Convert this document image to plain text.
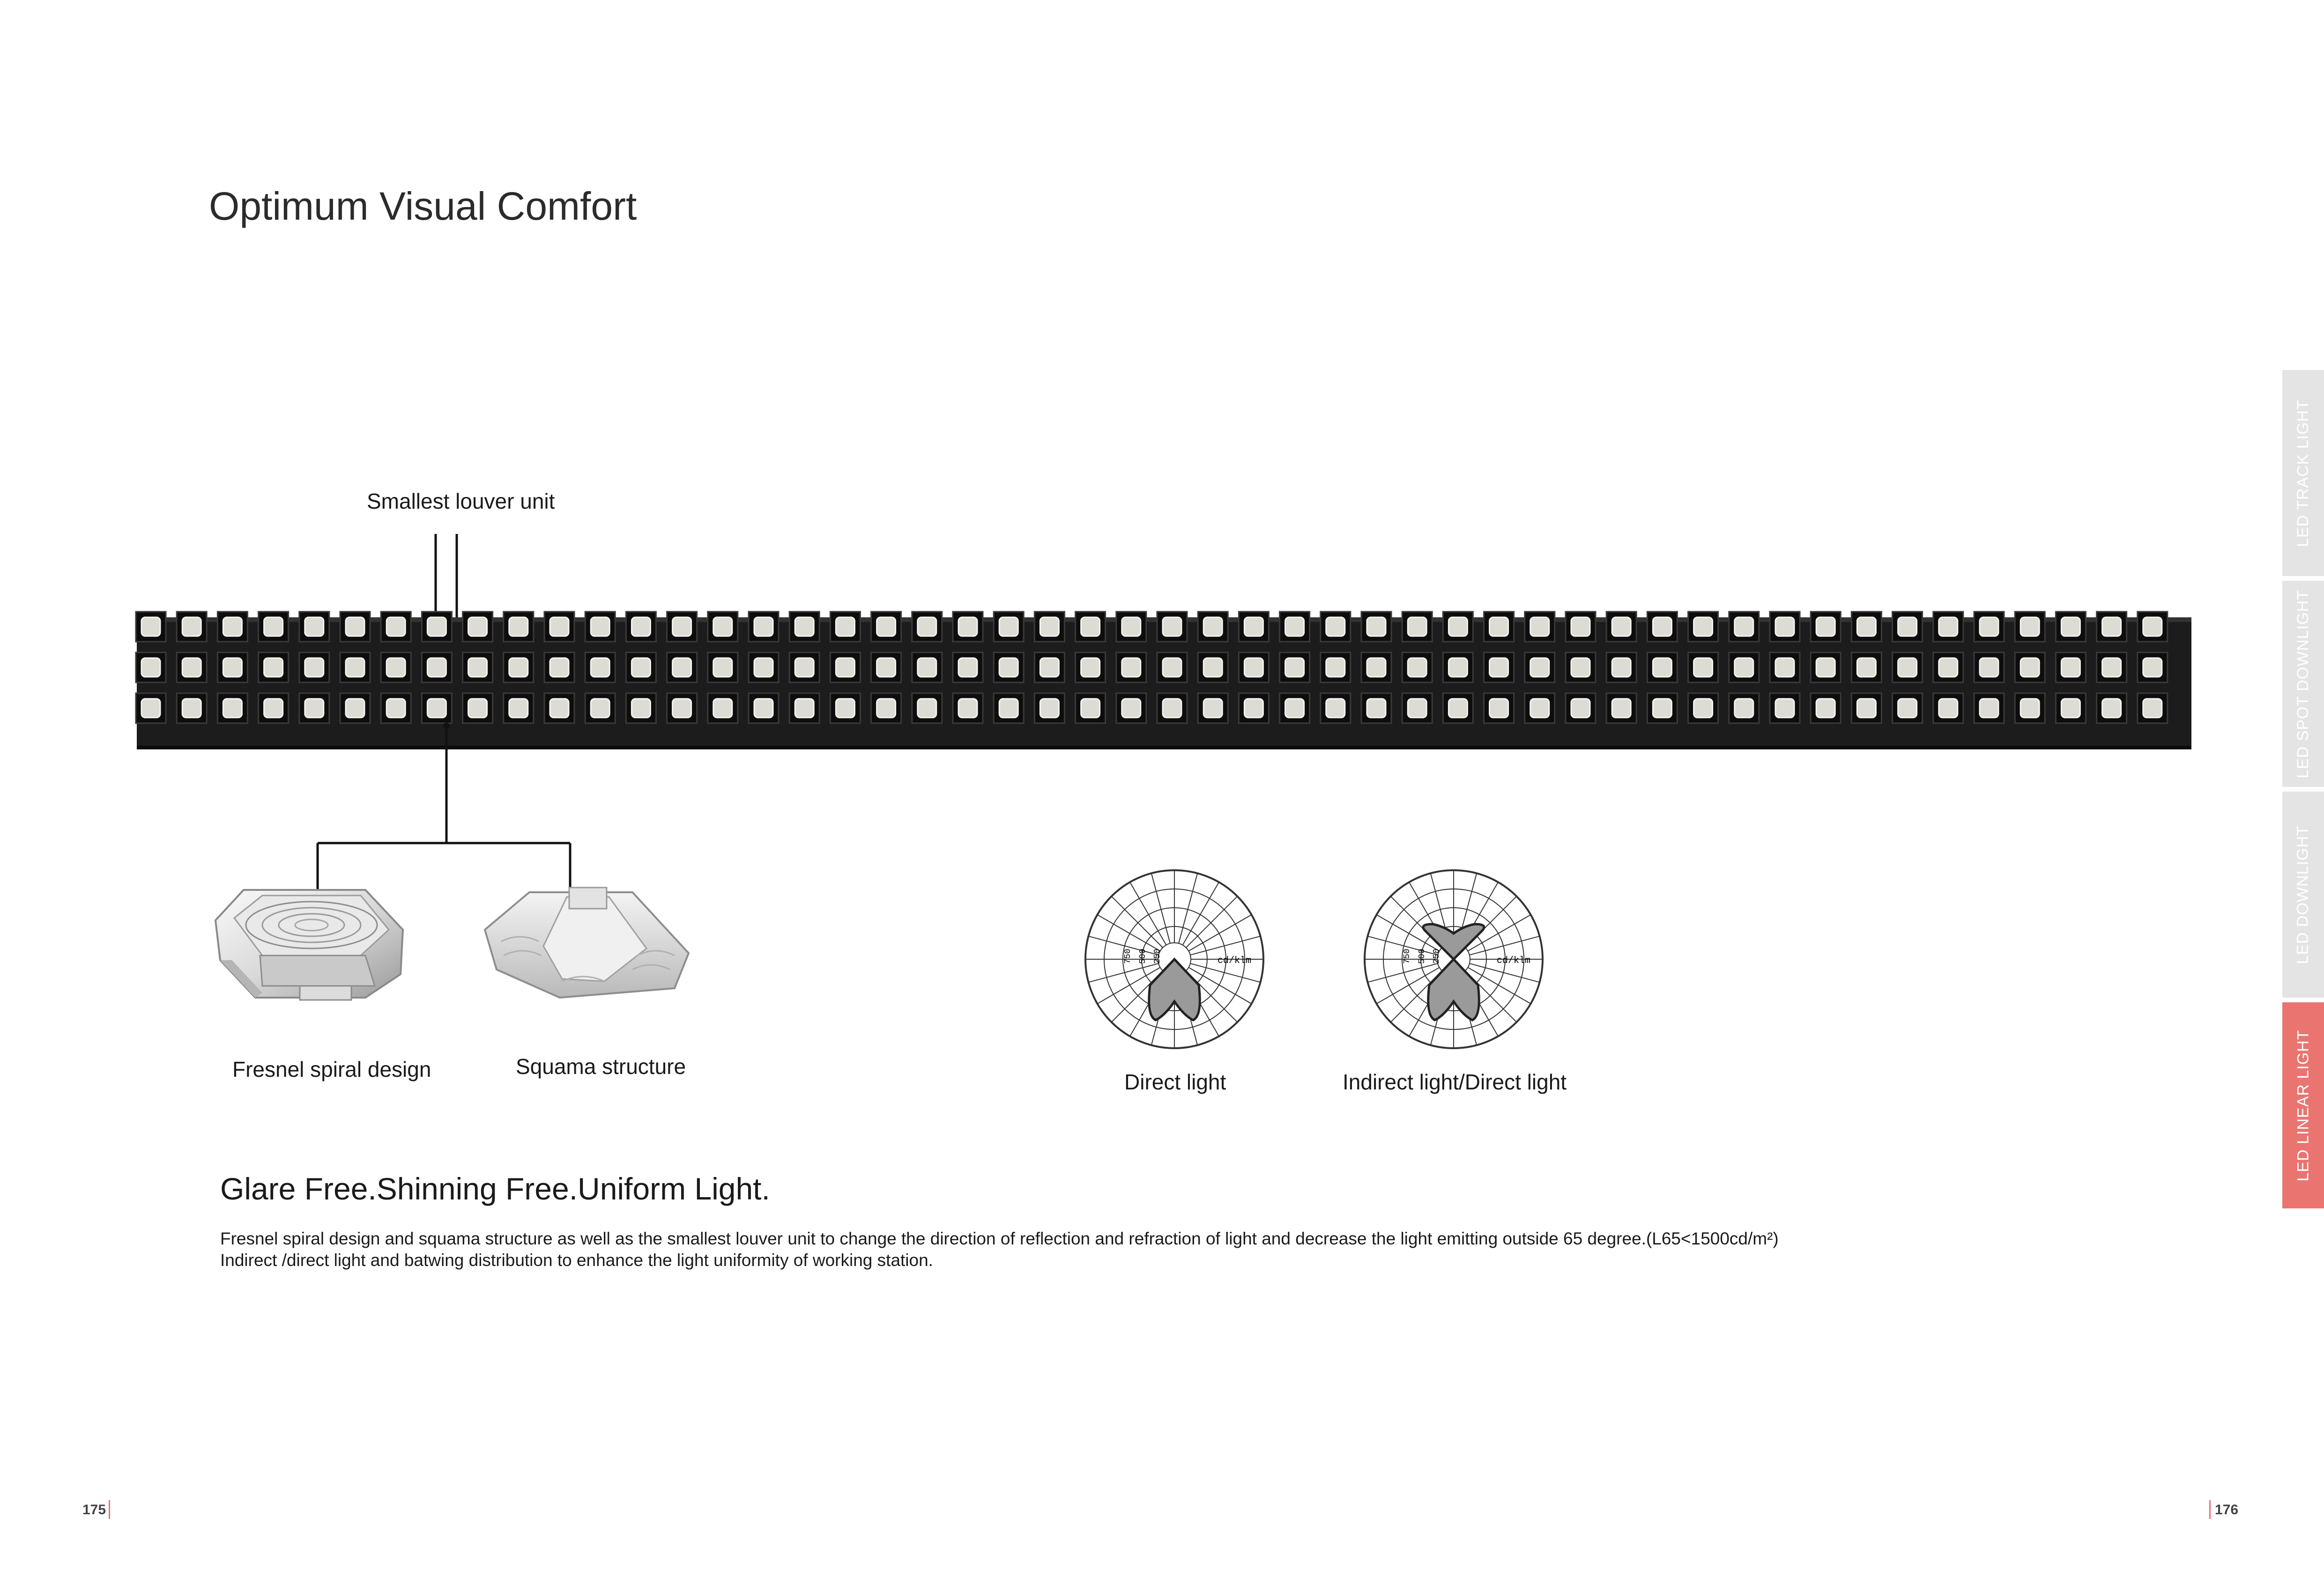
Optimum Visual Comfort
Smallest louver unit
750 500 250	cd/klm	750 500 250	cd/klm
Fresnel spiral design	Squama structure
Direct light	Indirect light/Direct light
Glare Free.Shinning Free.Uniform Light.
Fresnel spiral design and squama structure as well as the smallest louver unit to change the direction of reflection and refraction of light and decrease the light emitting outside 65 degree.(L65<1500cd/m²)
Indirect /direct light and batwing distribution to enhance the light uniformity of working station.
LED TRACK LIGHT
LED SPOT DOWNLIGHT
LED DOWNLIGHT
LED LINEAR LIGHT
175	176
